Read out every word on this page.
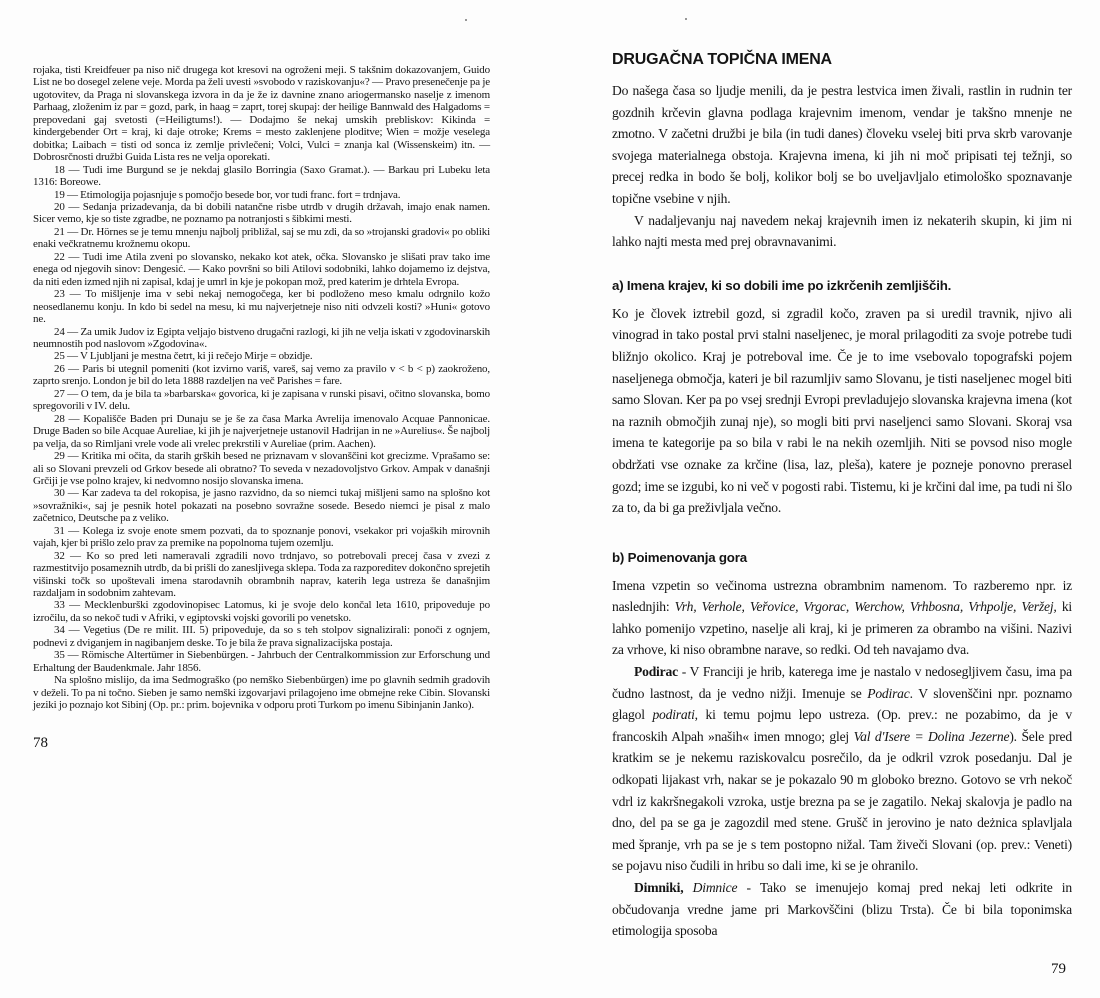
rojaka, tisti Kreidfeuer pa niso nič drugega kot kresovi na ogroženi meji. S takšnim dokazovanjem, Guido List ne bo dosegel zelene veje. Morda pa želi uvesti »svobodo v raziskovanju«? — Pravo presenečenje pa je ugotovitev, da Praga ni slovanskega izvora in da je že iz davnine znano ariogermansko naselje z imenom Parhaag, zloženim iz par = gozd, park, in haag = zaprt, torej skupaj: der heilige Bannwald des Halgadoms = prepovedani gaj svetosti (=Heiligtums!). — Dodajmo še nekaj umskih prebliskov: Kikinda = kindergebender Ort = kraj, ki daje otroke; Krems = mesto zaklenjene ploditve; Wien = možje veselega dobitka; Laibach = tisti od sonca iz zemlje privlečeni; Volci, Vulci = znanja kal (Wissenskeim) itn. — Dobrosrčnosti družbi Guida Lista res ne velja oporekati.

18 — Tudi ime Burgund se je nekdaj glasilo Borringia (Saxo Gramat.). — Barkau pri Lubeku leta 1316: Boreowe.

19 — Etimologija pojasnjuje s pomočjo besede bor, vor tudi franc. fort = trdnjava.

20 — Sedanja prizadevanja, da bi dobili natančne risbe utrdb v drugih državah, imajo enak namen. Sicer vemo, kje so tiste zgradbe, ne poznamo pa notranjosti s šibkimi mesti.

21 — Dr. Hörnes se je temu mnenju najbolj približal, saj se mu zdi, da so »trojanski gradovi« po obliki enaki večkratnemu krožnemu okopu.

22 — Tudi ime Atila zveni po slovansko, nekako kot atek, očka. Slovansko je slišati prav tako ime enega od njegovih sinov: Dengesić. — Kako površni so bili Atilovi sodobniki, lahko dojamemo iz dejstva, da niti eden izmed njih ni zapisal, kdaj je umrl in kje je pokopan mož, pred katerim je drhtela Evropa.

23 — To mišljenje ima v sebi nekaj nemogočega, ker bi podloženo meso kmalu odrgnilo kožo neosedlanemu konju. In kdo bi sedel na mesu, ki mu najverjetneje niso niti odvzeli kosti? »Huni« gotovo ne.

24 — Za umik Judov iz Egipta veljajo bistveno drugačni razlogi, ki jih ne velja iskati v zgodovinarskih neumnostih pod naslovom »Zgodovina«.

25 — V Ljubljani je mestna četrt, ki ji rečejo Mirje = obzidje.

26 — Paris bi utegnil pomeniti (kot izvirno variš, vareš, saj vemo za pravilo v < b < p) zaokroženo, zaprto srenjo. London je bil do leta 1888 razdeljen na več Parishes = fare.

27 — O tem, da je bila ta »barbarska« govorica, ki je zapisana v runski pisavi, očitno slovanska, bomo spregovorili v IV. delu.

28 — Kopališče Baden pri Dunaju se je še za časa Marka Avrelija imenovalo Acquae Pannonicae. Druge Baden so bile Acquae Aureliae, ki jih je najverjetneje ustanovil Hadrijan in ne »Aurelius«. Še najbolj pa velja, da so Rimljani vrele vode ali vrelec prekrstili v Aureliae (prim. Aachen).

29 — Kritika mi očita, da starih grških besed ne priznavam v slovanščini kot grecizme. Vprašamo se: ali so Slovani prevzeli od Grkov besede ali obratno? To seveda v nezadovoljstvo Grkov. Ampak v današnji Grčiji je vse polno krajev, ki nedvomno nosijo slovanska imena.

30 — Kar zadeva ta del rokopisa, je jasno razvidno, da so niemci tukaj mišljeni samo na splošno kot »sovražniki«, saj je pesnik hotel pokazati na posebno sovražne sosede. Besedo niemci je pisal z malo začetnico, Deutsche pa z veliko.

31 — Kolega iz svoje enote smem pozvati, da to spoznanje ponovi, vsekakor pri vojaških mirovnih vajah, kjer bi prišlo zelo prav za premike na popolnoma tujem ozemlju.

32 — Ko so pred leti nameravali zgradili novo trdnjavo, so potrebovali precej časa v zvezi z razmestitvijo posameznih utrdb, da bi prišli do zanesljivega sklepa. Toda za razporeditev dokončno sprejetih višinski točk so upoštevali imena starodavnih obrambnih naprav, katerih lega ustreza še današnjim razdaljam in sodobnim zahtevam.

33 — Mecklenburški zgodovinopisec Latomus, ki je svoje delo končal leta 1610, pripoveduje po izročilu, da so nekoč tudi v Afriki, v egiptovski vojski govorili po venetsko.

34 — Vegetius (De re milit. III. 5) pripoveduje, da so s teh stolpov signalizirali: ponoči z ognjem, podnevi z dviganjem in nagibanjem deske. To je bila že prava signalizacijska postaja.

35 — Römische Altertümer in Siebenbürgen. - Jahrbuch der Centralkommission zur Erforschung und Erhaltung der Baudenkmale. Jahr 1856.

Na splošno mislijo, da ima Sedmograško (po nemško Siebenbürgen) ime po glavnih sedmih gradovih v deželi. To pa ni točno. Sieben je samo nemški izgovarjavi prilagojeno ime obmejne reke Cibin. Slovanski jeziki jo poznajo kot Sibinj (Op. pr.: prim. bojevnika v odporu proti Turkom po imenu Sibinjanin Janko).

78
DRUGAČNA TOPIČNA IMENA

Do našega časa so ljudje menili, da je pestra lestvica imen živali, rastlin in rudnin ter gozdnih krčevin glavna podlaga krajevnim imenom, vendar je takšno mnenje ne zmotno. V začetni družbi je bila (in tudi danes) človeku vselej biti prva skrb varovanje svojega materialnega obstoja. Krajevna imena, ki jih ni moč pripisati tej težnji, so precej redka in bodo še bolj, kolikor bolj se bo uveljavljalo etimološko spoznavanje topične vsebine v njih.

V nadaljevanju naj navedem nekaj krajevnih imen iz nekaterih skupin, ki jim ni lahko najti mesta med prej obravnavanimi.

a) Imena krajev, ki so dobili ime po izkrčenih zemljiščih.

Ko je človek iztrebil gozd, si zgradil kočo, zraven pa si uredil travnik, njivo ali vinograd in tako postal prvi stalni naseljenec, je moral prilagoditi za svoje potrebe tudi bližnjo okolico. Kraj je potreboval ime. Če je to ime vsebovalo topografski pojem naseljenega območja, kateri je bil razumljiv samo Slovanu, je tisti naseljenec mogel biti samo Slovan. Ker pa po vsej srednji Evropi prevladujejo slovanska krajevna imena (kot na raznih območjih zunaj nje), so mogli biti prvi naseljenci samo Slovani. Skoraj vsa imena te kategorije pa so bila v rabi le na nekih ozemljih. Niti se povsod niso mogle obdržati vse oznake za krčine (lisa, laz, pleša), katere je pozneje ponovno prerasel gozd; ime se izgubi, ko ni več v pogosti rabi. Tistemu, ki je krčini dal ime, pa tudi ni šlo za to, da bi ga preživljala večno.

b) Poimenovanja gora

Imena vzpetin so večinoma ustrezna obrambnim namenom. To razberemo npr. iz naslednjih: Vrh, Verhole, Veřovice, Vrgorac, Werchow, Vrhbosna, Vrhpolje, Veržej, ki lahko pomenijo vzpetino, naselje ali kraj, ki je primeren za obrambo na višini. Nazivi za vrhove, ki niso obrambne narave, so redki. Od teh navajamo dva.

Podirac - V Franciji je hrib, katerega ime je nastalo v nedosegljivem času, ima pa čudno lastnost, da je vedno nižji. Imenuje se Podirac. V slovenščini npr. poznamo glagol podirati, ki temu pojmu lepo ustreza. (Op. prev.: ne pozabimo, da je v francoskih Alpah »naših« imen mnogo; glej Val d'Isere = Dolina Jezerne). Šele pred kratkim se je nekemu raziskovalcu posrečilo, da je odkril vzrok posedanju. Dal je odkopati lijakast vrh, nakar se je pokazalo 90 m globoko brezno. Gotovo se vrh nekoč vdrl iz kakršnegakoli vzroka, ustje brezna pa se je zagatilo. Nekaj skalovja je padlo na dno, del pa se ga je zagozdil med stene. Grušč in jerovino je nato deżnica splavljala med špranje, vrh pa se je s tem postopno nižal. Tam živeči Slovani (op. prev.: Veneti) se pojavu niso čudili in hribu so dali ime, ki se je ohranilo.

Dimniki, Dimnice - Tako se imenujejo komaj pred nekaj leti odkrite in občudovanja vredne jame pri Markovščini (blizu Trsta). Če bi bila toponimska etimologija sposoba

79
